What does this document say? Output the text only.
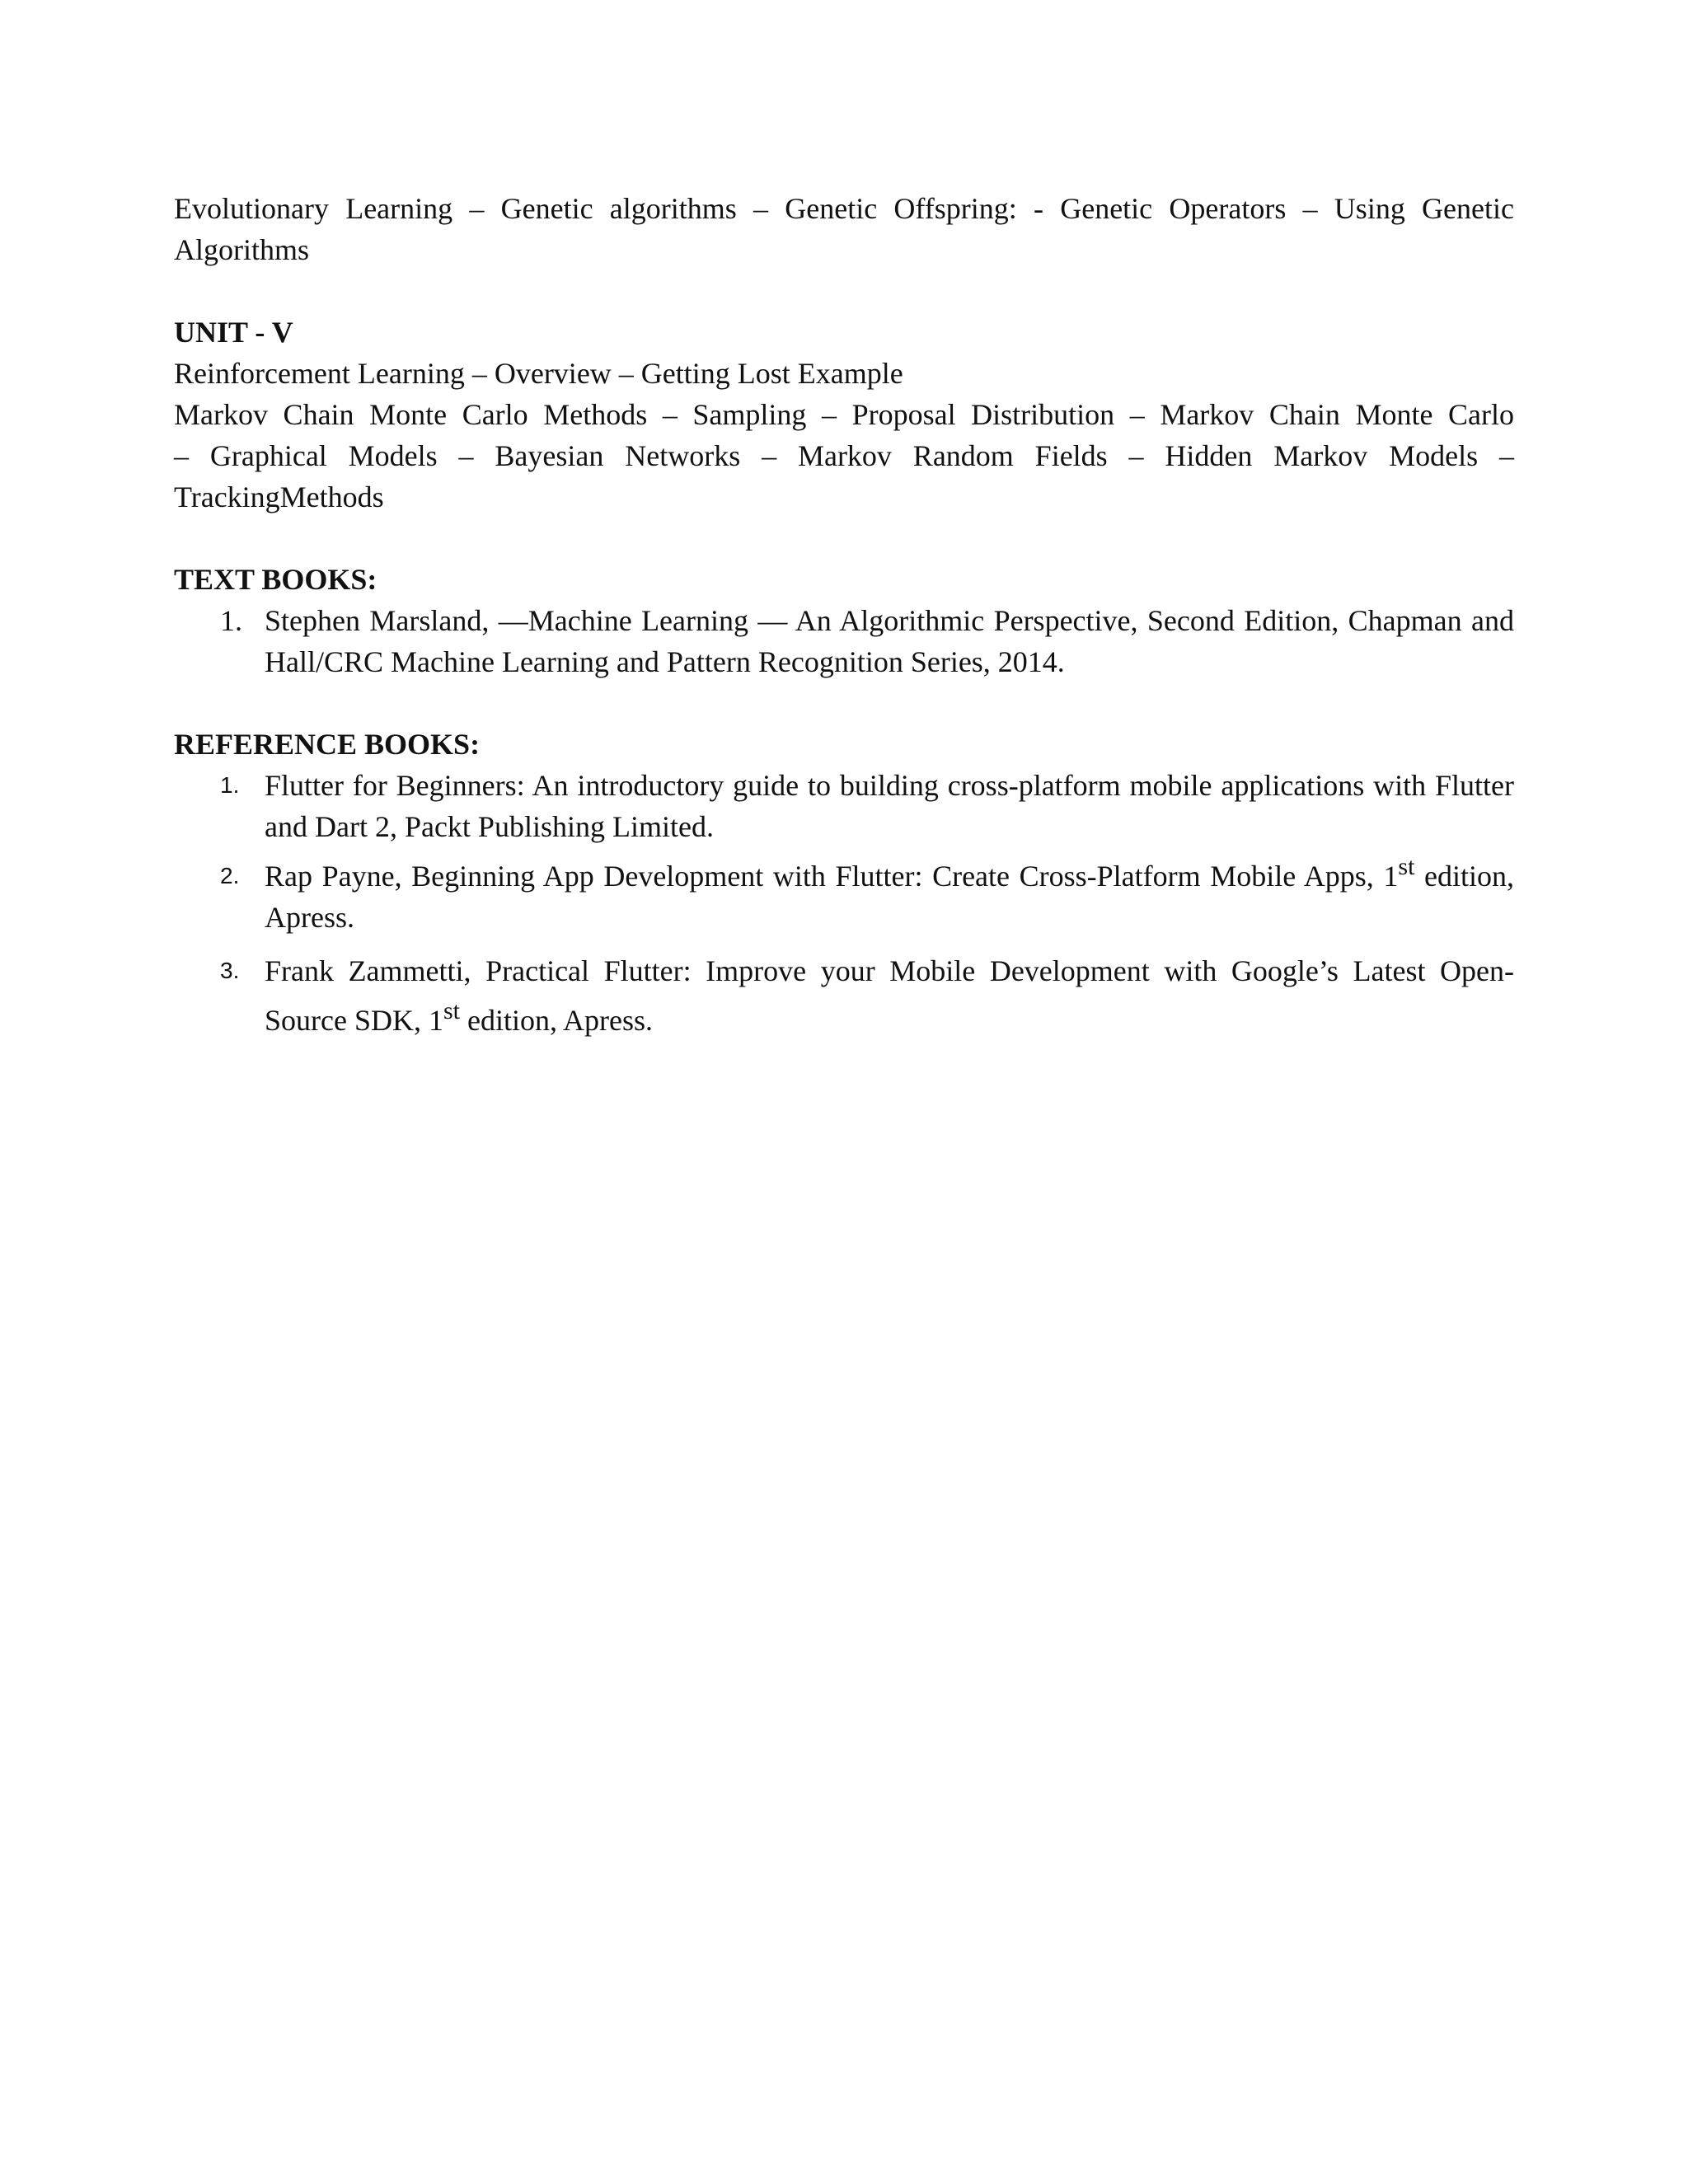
Evolutionary Learning – Genetic algorithms – Genetic Offspring: - Genetic Operators – Using Genetic

Algorithms

UNIT - V

Reinforcement Learning – Overview – Getting Lost Example

Markov Chain Monte Carlo Methods – Sampling – Proposal Distribution – Markov Chain Monte Carlo

– Graphical Models – Bayesian Networks – Markov Random Fields – Hidden Markov Models –

TrackingMethods

TEXT BOOKS:

1. Stephen Marsland, ―Machine Learning — An Algorithmic Perspective, Second Edition, Chapman and Hall/CRC Machine Learning and Pattern Recognition Series, 2014.

REFERENCE BOOKS:

1. Flutter for Beginners: An introductory guide to building cross-platform mobile applications with Flutter and Dart 2, Packt Publishing Limited.
2. Rap Payne, Beginning App Development with Flutter: Create Cross-Platform Mobile Apps, 1st edition, Apress.
3. Frank Zammetti, Practical Flutter: Improve your Mobile Development with Google’s Latest Open-Source SDK, 1st edition, Apress.
